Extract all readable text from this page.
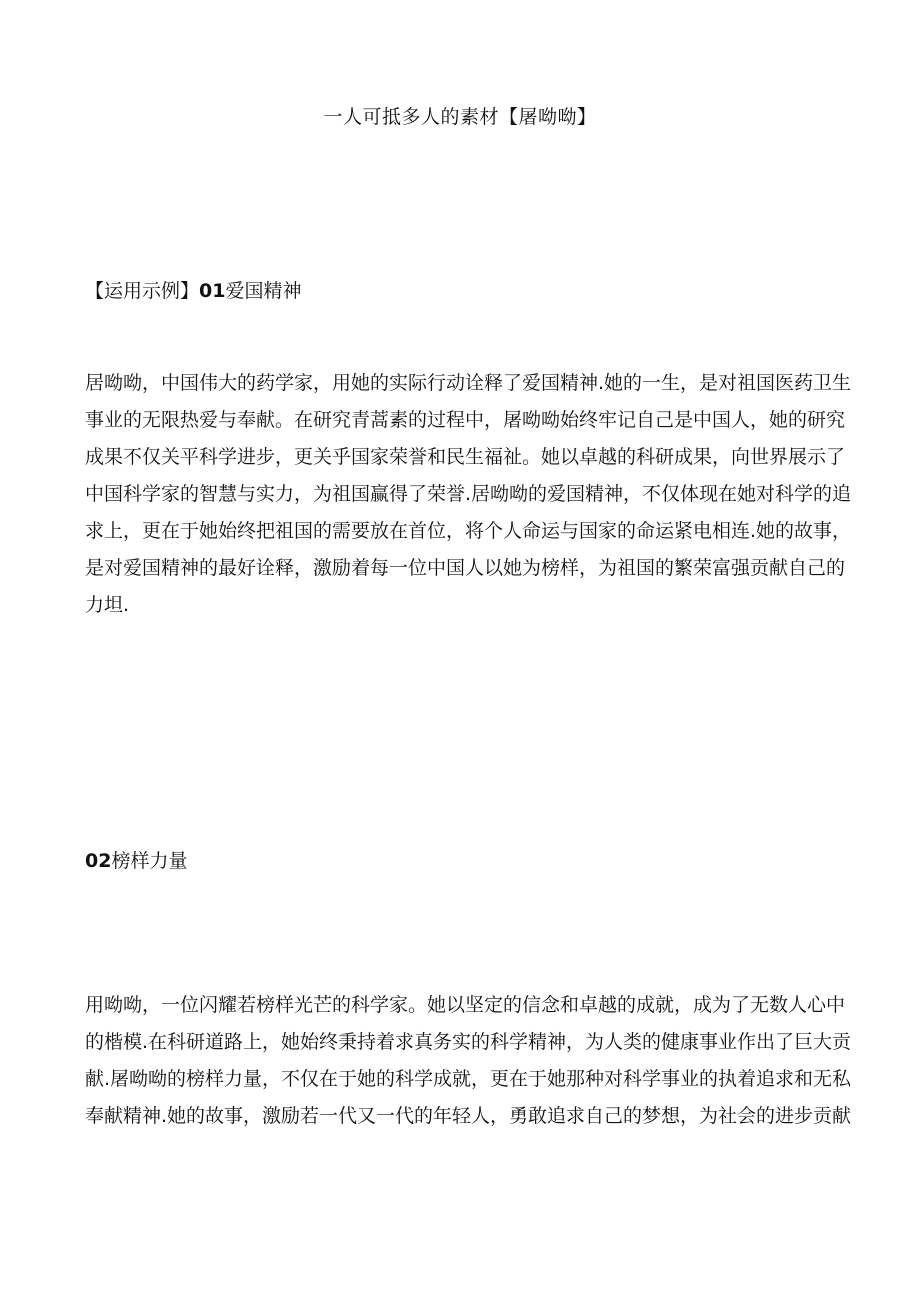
一人可抵多人的素材【屠呦呦】
【运用示例】01爱国精神
居呦呦，中国伟大的药学家，用她的实际行动诠释了爱国精神.她的一生，是对祖国医药卫生
事业的无限热爱与奉献。在研究青蒿素的过程中，屠呦呦始终牢记自己是中国人，她的研究
成果不仅关平科学进步，更关乎国家荣誉和民生福祉。她以卓越的科研成果，向世界展示了
中国科学家的智慧与实力，为祖国赢得了荣誉.居呦呦的爱国精神，不仅体现在她对科学的追
求上，更在于她始终把祖国的需要放在首位，将个人命运与国家的命运紧电相连.她的故事，
是对爱国精神的最好诠释，激励着每一位中国人以她为榜样，为祖国的繁荣富强贡献自己的
力坦.
02榜样力量
用呦呦，一位闪耀若榜样光芒的科学家。她以坚定的信念和卓越的成就，成为了无数人心中
的楷模.在科研道路上，她始终秉持着求真务实的科学精神，为人类的健康事业作出了巨大贡
献.屠呦呦的榜样力量，不仅在于她的科学成就，更在于她那种对科学事业的执着追求和无私
奉献精神.她的故事，激励若一代又一代的年轻人，勇敢追求自己的梦想，为社会的进步贡献
